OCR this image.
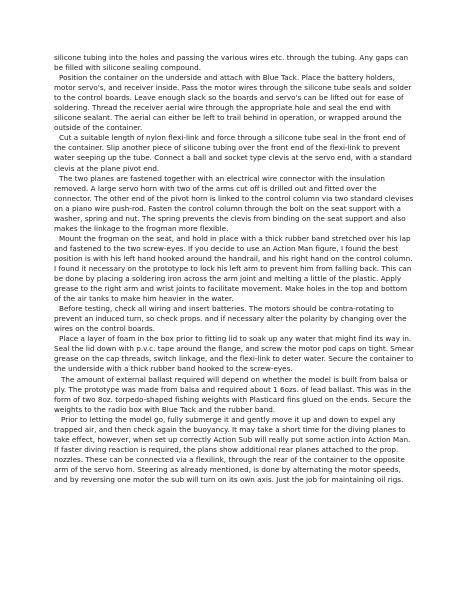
silicone tubing into the holes and passing the various wires etc. through the tubing. Any gaps can be filled with silicone sealing compound.

Position the container on the underside and attach with Blue Tack. Place the battery holders, motor servo's, and receiver inside. Pass the motor wires through the silicone tube seals and solder to the control boards. Leave enough slack so the boards and servo's can be lifted out for ease of soldering. Thread the receiver aerial wire through the appropriate hole and seal the end with silicone sealant. The aerial can either be left to trail behind in operation, or wrapped around the outside of the container.

Cut a suitable length of nylon flexi-link and force through a silicone tube seal in the front end of the container. Slip another piece of silicone tubing over the front end of the flexi-link to prevent water seeping up the tube. Connect a ball and socket type clevis at the servo end, with a standard clevis at the plane pivot end.

The two planes are fastened together with an electrical wire connector with the insulation removed. A large servo horn with two of the arms cut off is drilled out and fitted over the connector. The other end of the pivot horn is linked to the control column via two standard clevises on a piano wire push-rod. Fasten the control column through the bolt on the seat support with a washer, spring and nut. The spring prevents the clevis from binding on the seat support and also makes the linkage to the frogman more flexible.

Mount the frogman on the seat, and hold in place with a thick rubber band stretched over his lap and fastened to the two screw-eyes. If you decide to use an Action Man figure, I found the best position is with his left hand hooked around the handrail, and his right hand on the control column. I found it necessary on the prototype to lock his left arm to prevent him from falling back. This can be done by placing a soldering iron across the arm joint and melting a little of the plastic. Apply grease to the right arm and wrist joints to facilitate movement. Make holes in the top and bottom of the air tanks to make him heavier in the water.

Before testing, check all wiring and insert batteries. The motors should be contra-rotating to prevent an induced turn, so check props. and if necessary alter the polarity by changing over the wires on the control boards.

Place a layer of foam in the box prior to fitting lid to soak up any water that might find its way in. Seal the lid down with p.v.c. tape around the flange, and screw the motor pod caps on tight. Smear grease on the cap threads, switch linkage, and the flexi-link to deter water. Secure the container to the underside with a thick rubber band hooked to the screw-eyes.

The amount of external ballast required will depend on whether the model is built from balsa or ply. The prototype was made from balsa and required about 1 6ozs. of lead ballast. This was in the form of two 8oz. torpedo-shaped fishing weights with Plasticard fins glued on the ends. Secure the weights to the radio box with Blue Tack and the rubber band.

Prior to letting the model go, fully submerge it and gently move it up and down to expel any trapped air, and then check again the buoyancy. It may take a short time for the diving planes to take effect, however, when set up correctly Action Sub will really put some action into Action Man. If faster diving reaction is required, the plans show additional rear planes attached to the prop. nozzles. These can be connected via a flexilink, through the rear of the container to the opposite arm of the servo horn. Steering as already mentioned, is done by alternating the motor speeds, and by reversing one motor the sub will turn on its own axis. Just the job for maintaining oil rigs.
